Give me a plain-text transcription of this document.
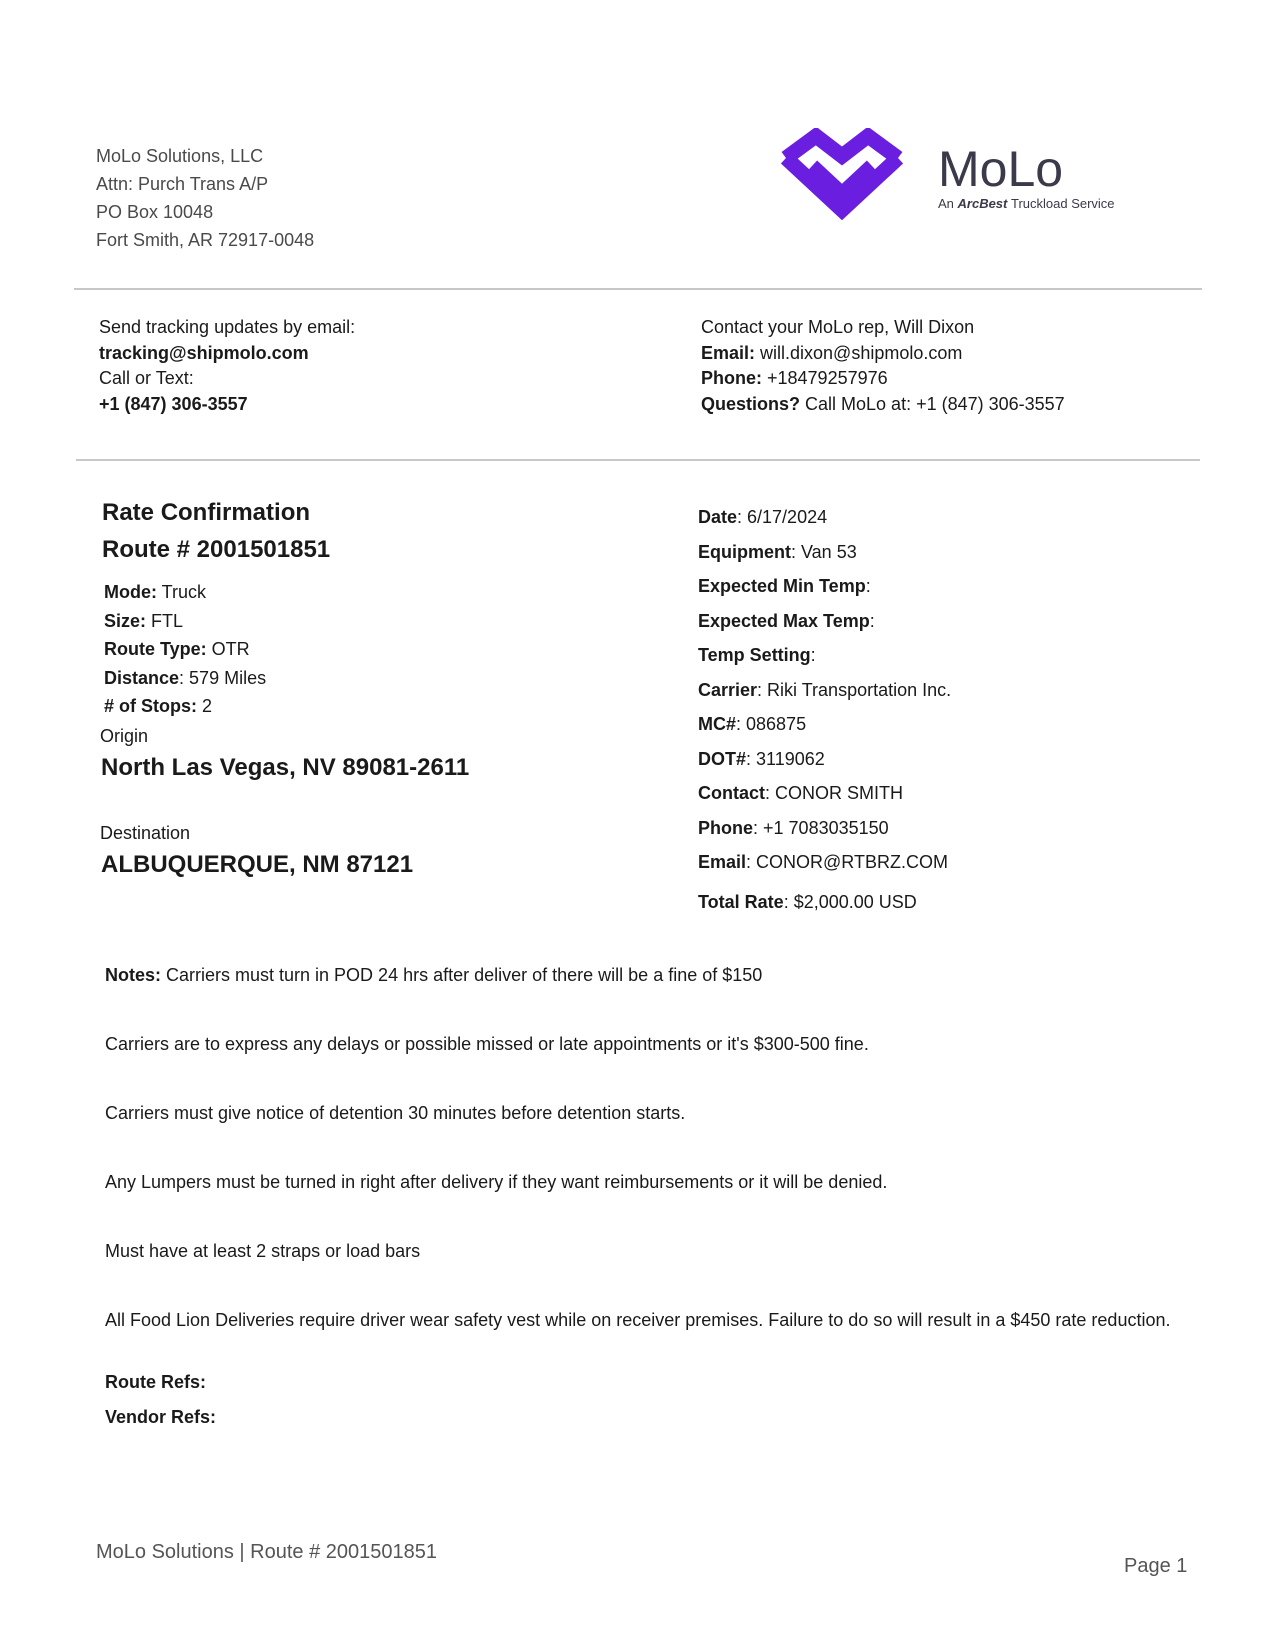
MoLo Solutions, LLC
Attn: Purch Trans A/P
PO Box 10048
Fort Smith, AR 72917-0048
MoLo
An ArcBest Truckload Service
Send tracking updates by email:
tracking@shipmolo.com
Call or Text:
+1 (847) 306-3557
Contact your MoLo rep, Will Dixon
Email: will.dixon@shipmolo.com
Phone: +18479257976
Questions? Call MoLo at: +1 (847) 306-3557
Rate Confirmation
Route # 2001501851
Mode: Truck
Size: FTL
Route Type: OTR
Distance: 579 Miles
# of Stops: 2
Origin
North Las Vegas, NV 89081-2611
Destination
ALBUQUERQUE, NM 87121
Date: 6/17/2024
Equipment: Van 53
Expected Min Temp:
Expected Max Temp:
Temp Setting:
Carrier: Riki Transportation Inc.
MC#: 086875
DOT#: 3119062
Contact: CONOR SMITH
Phone: +1 7083035150
Email: CONOR@RTBRZ.COM
Total Rate: $2,000.00 USD
Notes: Carriers must turn in POD 24 hrs after deliver of there will be a fine of $150
Carriers are to express any delays or possible missed or late appointments or it's $300-500 fine.
Carriers must give notice of detention 30 minutes before detention starts.
Any Lumpers must be turned in right after delivery if they want reimbursements or it will be denied.
Must have at least 2 straps or load bars
All Food Lion Deliveries require driver wear safety vest while on receiver premises. Failure to do so will result in a $450 rate reduction.
Route Refs:
Vendor Refs:
MoLo Solutions | Route # 2001501851
Page 1
